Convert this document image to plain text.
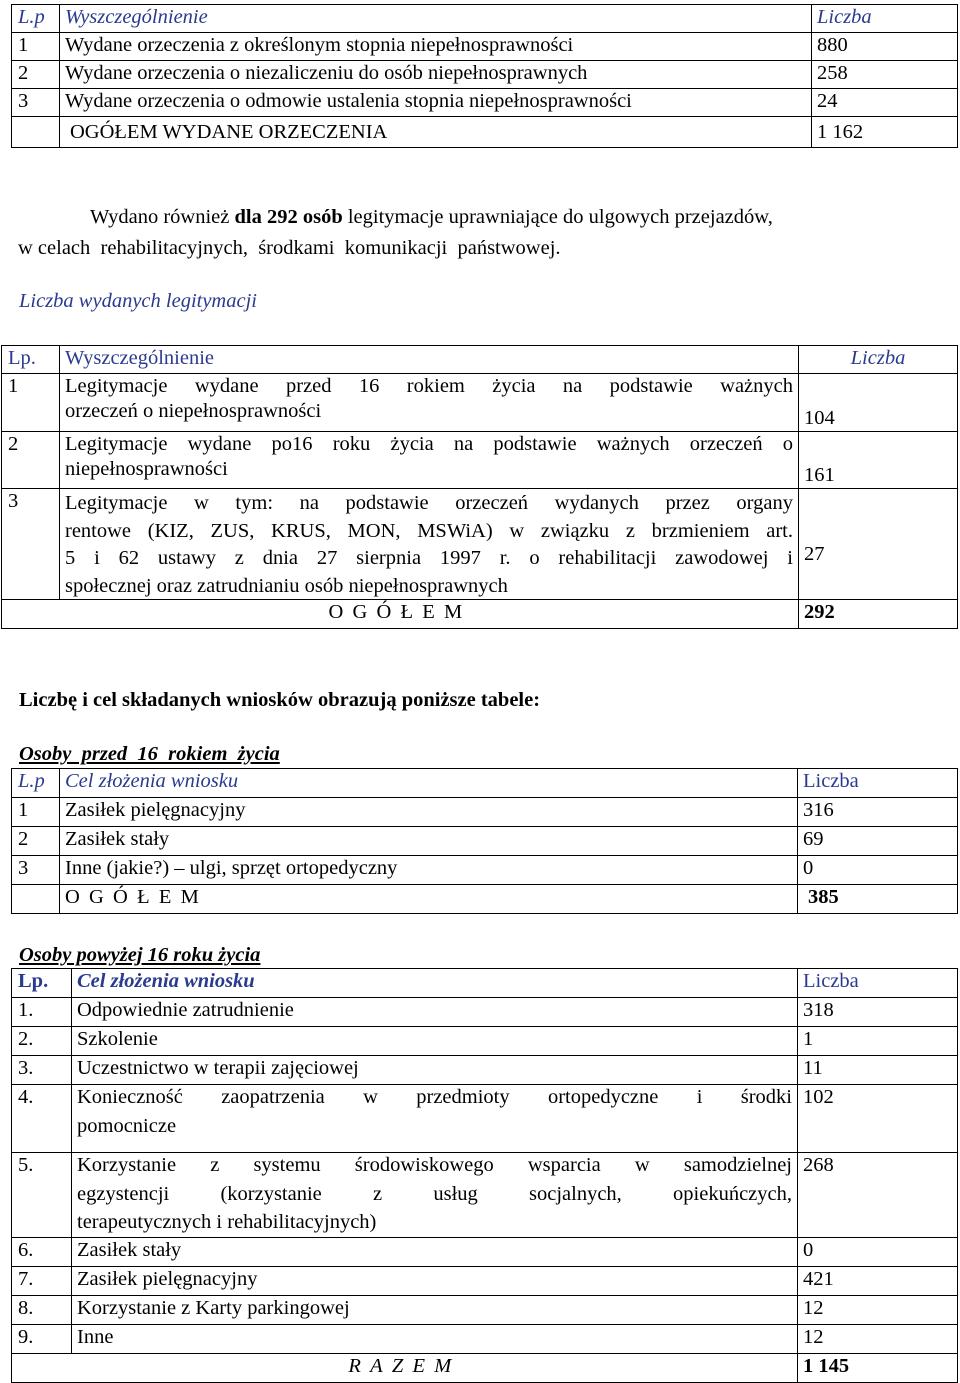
L.p	Wyszczególnienie	Liczba
1	Wydane orzeczenia z określonym stopnia niepełnosprawności	880
2	Wydane orzeczenia o niezaliczeniu do osób niepełnosprawnych	258
3	Wydane orzeczenia o odmowie ustalenia stopnia niepełnosprawności	24
	OGÓŁEM WYDANE ORZECZENIA	1 162
Wydano również dla 292 osób legitymacje uprawniające do ulgowych przejazdów,
w celach  rehabilitacyjnych,  środkami  komunikacji  państwowej.
Liczba wydanych legitymacji
Lp.	Wyszczególnienie	Liczba
1	Legitymacje wydane przed 16 rokiem życia na podstawie ważnych
orzeczeń o niepełnosprawności	104
2	Legitymacje wydane po16 roku życia na podstawie ważnych orzeczeń o
niepełnosprawności	161
3	Legitymacje w tym: na podstawie orzeczeń wydanych przez organy
rentowe (KIZ, ZUS, KRUS, MON, MSWiA) w związku z brzmieniem art.
5 i 62 ustawy z dnia 27 sierpnia 1997 r. o rehabilitacji zawodowej i
społecznej oraz zatrudnianiu osób niepełnosprawnych	27
OGÓŁEM		292
Liczbę i cel składanych wniosków obrazują poniższe tabele:
Osoby  przed  16  rokiem  życia
L.p	Cel złożenia wniosku	Liczba
1	Zasiłek pielęgnacyjny	316
2	Zasiłek stały	69
3	Inne (jakie?) – ulgi, sprzęt ortopedyczny	0
	OGÓŁEM	385
Osoby powyżej 16 roku życia
Lp.	Cel złożenia wniosku	Liczba
1.	Odpowiednie zatrudnienie	318
2.	Szkolenie	1
3.	Uczestnictwo w terapii zajęciowej	11
4.	Konieczność zaopatrzenia w przedmioty ortopedyczne i środki
pomocnicze	102
5.	Korzystanie z systemu środowiskowego wsparcia w samodzielnej
egzystencji (korzystanie z usług socjalnych, opiekuńczych,
terapeutycznych i rehabilitacyjnych)	268
6.	Zasiłek stały	0
7.	Zasiłek pielęgnacyjny	421
8.	Korzystanie z Karty parkingowej	12
9.	Inne	12
RAZEM		1 145
